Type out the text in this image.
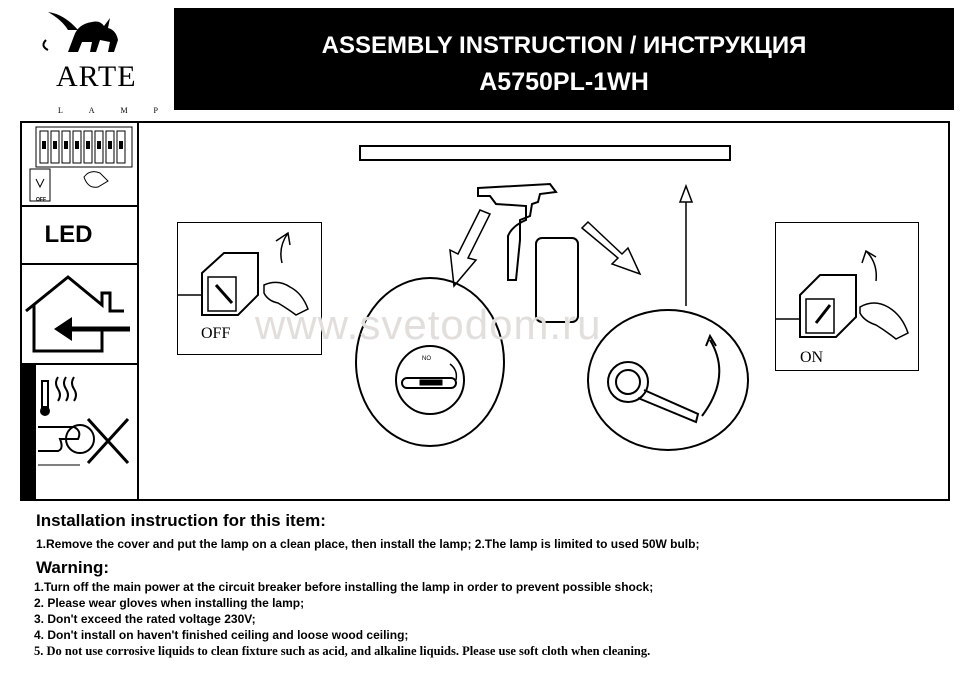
ARTE
L	A	M	P
ASSEMBLY INSTRUCTION / ИНСТРУКЦИЯ
A5750PL-1WH
OFF
LED
NO
OFF
ON
www.svetodom.ru
Installation instruction for this item:
1.Remove the cover and put the lamp on a clean place, then install the lamp; 2.The lamp is limited to used 50W bulb;
Warning:
1.Turn off the main power at the circuit breaker before installing the lamp in order to prevent possible shock;
2. Please wear gloves when installing the lamp;
3. Don't exceed the rated voltage 230V;
4. Don't install on haven't finished ceiling and loose wood ceiling;
5. Do not use corrosive liquids to clean fixture such as acid, and alkaline liquids. Please use soft cloth when cleaning.
